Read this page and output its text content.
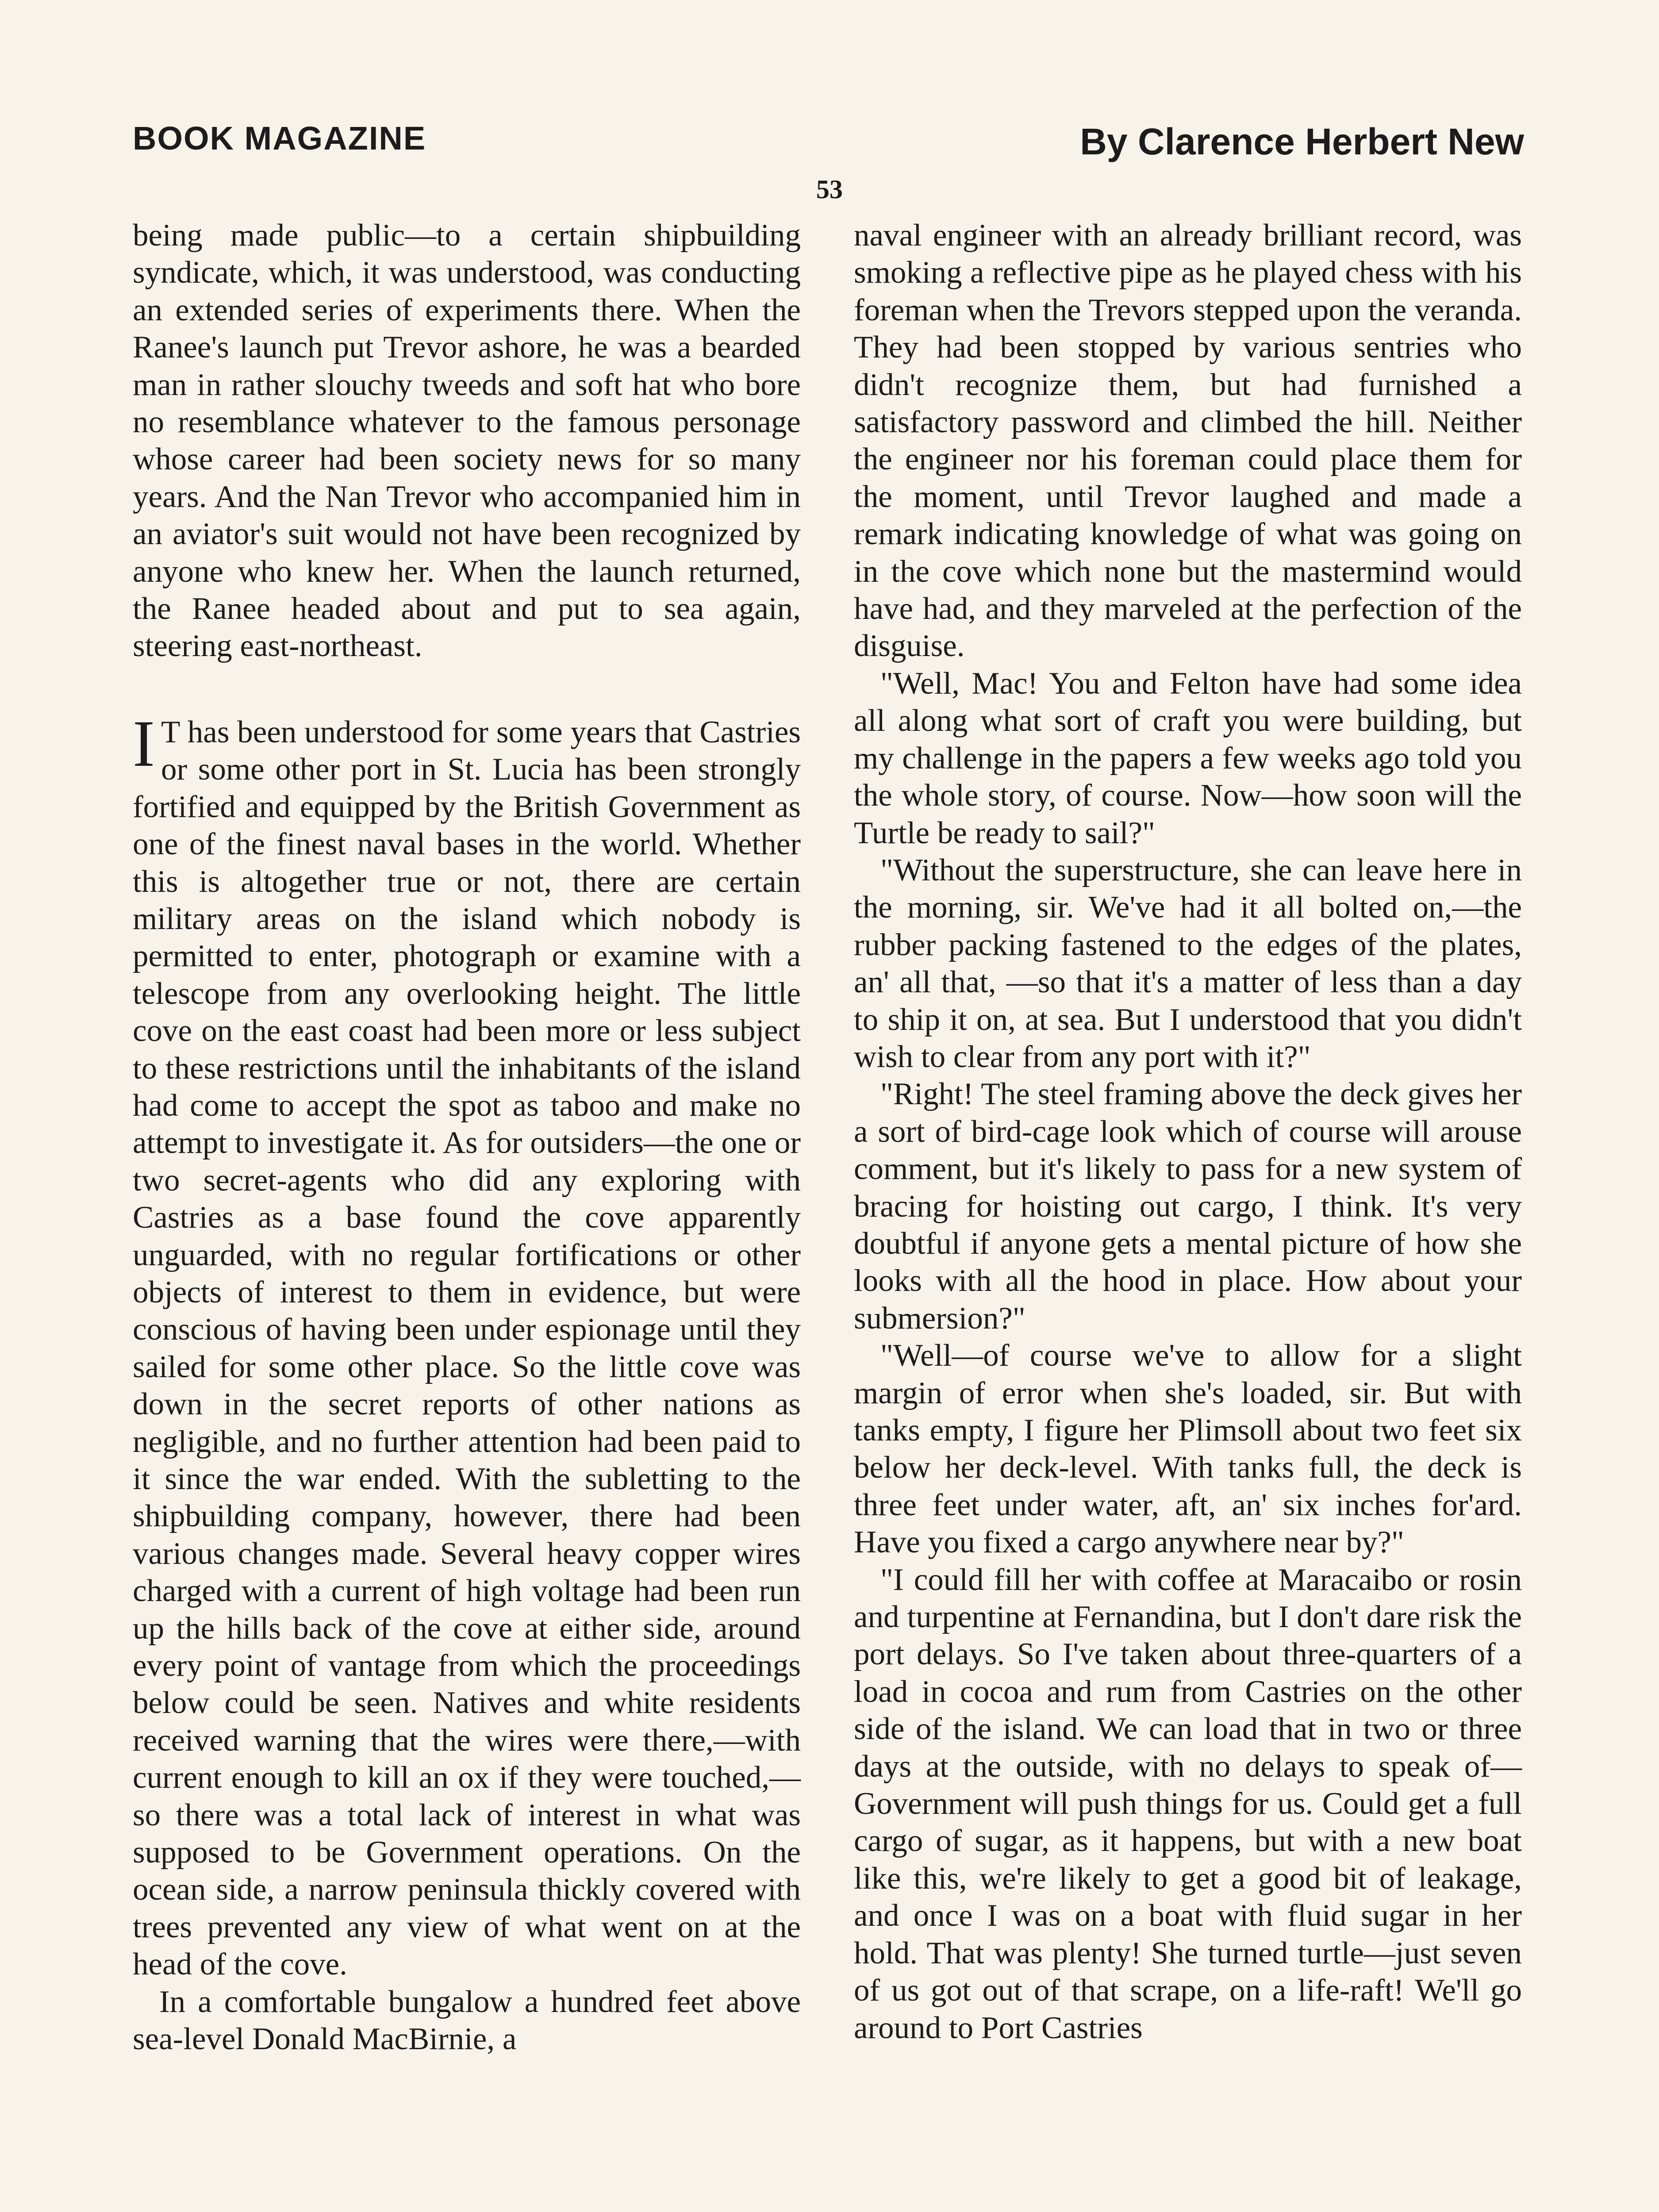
BOOK MAGAZINE	By Clarence Herbert New
53

being made public—to a certain shipbuilding syndicate, which, it was understood, was conducting an extended series of experiments there. When the Ranee's launch put Trevor ashore, he was a bearded man in rather slouchy tweeds and soft hat who bore no resemblance whatever to the famous personage whose career had been society news for so many years. And the Nan Trevor who accompanied him in an aviator's suit would not have been recognized by anyone who knew her. When the launch returned, the Ranee headed about and put to sea again, steering east-northeast.

IT has been understood for some years that Castries or some other port in St. Lucia has been strongly fortified and equipped by the British Government as one of the finest naval bases in the world. Whether this is altogether true or not, there are certain military areas on the island which nobody is permitted to enter, photograph or examine with a telescope from any overlooking height. The little cove on the east coast had been more or less subject to these restrictions until the inhabitants of the island had come to accept the spot as taboo and make no attempt to investigate it. As for outsiders—the one or two secret-agents who did any exploring with Castries as a base found the cove apparently unguarded, with no regular fortifications or other objects of interest to them in evidence, but were conscious of having been under espionage until they sailed for some other place. So the little cove was down in the secret reports of other nations as negligible, and no further attention had been paid to it since the war ended. With the subletting to the shipbuilding company, however, there had been various changes made. Several heavy copper wires charged with a current of high voltage had been run up the hills back of the cove at either side, around every point of vantage from which the proceedings below could be seen. Natives and white residents received warning that the wires were there,—with current enough to kill an ox if they were touched,—so there was a total lack of interest in what was supposed to be Government operations. On the ocean side, a narrow peninsula thickly covered with trees prevented any view of what went on at the head of the cove.

In a comfortable bungalow a hundred feet above sea-level Donald MacBirnie, a

naval engineer with an already brilliant record, was smoking a reflective pipe as he played chess with his foreman when the Trevors stepped upon the veranda. They had been stopped by various sentries who didn't recognize them, but had furnished a satisfactory password and climbed the hill. Neither the engineer nor his foreman could place them for the moment, until Trevor laughed and made a remark indicating knowledge of what was going on in the cove which none but the mastermind would have had, and they marveled at the perfection of the disguise.

"Well, Mac! You and Felton have had some idea all along what sort of craft you were building, but my challenge in the papers a few weeks ago told you the whole story, of course. Now—how soon will the Turtle be ready to sail?"

"Without the superstructure, she can leave here in the morning, sir. We've had it all bolted on,—the rubber packing fastened to the edges of the plates, an' all that, —so that it's a matter of less than a day to ship it on, at sea. But I understood that you didn't wish to clear from any port with it?"

"Right! The steel framing above the deck gives her a sort of bird-cage look which of course will arouse comment, but it's likely to pass for a new system of bracing for hoisting out cargo, I think. It's very doubtful if anyone gets a mental picture of how she looks with all the hood in place. How about your submersion?"

"Well—of course we've to allow for a slight margin of error when she's loaded, sir. But with tanks empty, I figure her Plimsoll about two feet six below her deck-level. With tanks full, the deck is three feet under water, aft, an' six inches for'ard. Have you fixed a cargo anywhere near by?"

"I could fill her with coffee at Maracaibo or rosin and turpentine at Fernandina, but I don't dare risk the port delays. So I've taken about three-quarters of a load in cocoa and rum from Castries on the other side of the island. We can load that in two or three days at the outside, with no delays to speak of—Government will push things for us. Could get a full cargo of sugar, as it happens, but with a new boat like this, we're likely to get a good bit of leakage, and once I was on a boat with fluid sugar in her hold. That was plenty! She turned turtle—just seven of us got out of that scrape, on a life-raft! We'll go around to Port Castries
